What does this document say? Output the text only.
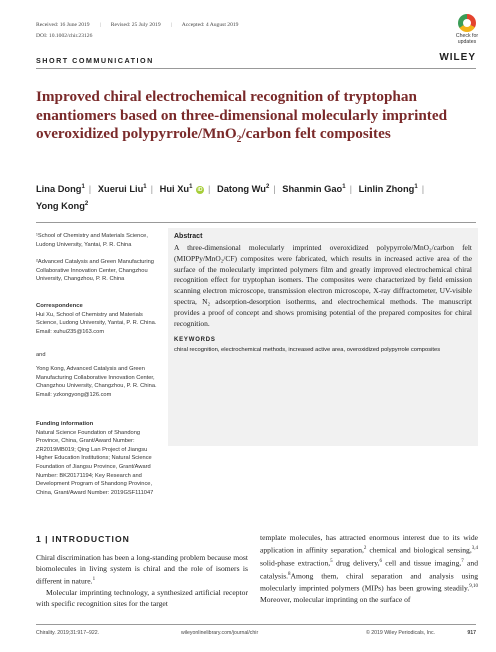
Received: 16 June 2019 | Revised: 25 July 2019 | Accepted: 4 August 2019
DOI: 10.1002/chir.23126	Check for updates
SHORT COMMUNICATION	WILEY
Improved chiral electrochemical recognition of tryptophan enantiomers based on three-dimensional molecularly imprinted overoxidized polypyrrole/MnO$_2$/carbon felt composites
Lina Dong$^1$ | Xuerui Liu$^1$ | Hui Xu$^1$ iD | Datong Wu$^2$ | Shanmin Gao$^1$ | Linlin Zhong$^1$ |
Yong Kong$^2$
¹School of Chemistry and Materials Science, Ludong University, Yantai, P. R. China
²Advanced Catalysis and Green Manufacturing Collaborative Innovation Center, Changzhou University, Changzhou, P. R. China
Correspondence
Hui Xu, School of Chemistry and Materials Science, Ludong University, Yantai, P. R. China.
Email: xuhui235@163.com
and
Yong Kong, Advanced Catalysis and Green Manufacturing Collaborative Innovation Center, Changzhou University, Changzhou, P. R. China.
Email: yzkongyong@126.com
Funding information
Natural Science Foundation of Shandong Province, China, Grant/Award Number: ZR2019MB019; Qing Lan Project of Jiangsu Higher Education Institutions; Natural Science Foundation of Jiangsu Province, Grant/Award Number: BK20171194; Key Research and Development Program of Shandong Province, China, Grant/Award Number: 2019GSF111047
Abstract
A three-dimensional molecularly imprinted overoxidized polypyrrole/MnO₂/carbon felt (MIOPPy/MnO₂/CF) composites were fabricated, which results in increased active area of the surface of the molecularly imprinted polymers film and greatly improved electrochemical chiral recognition effect for tryptophan isomers. The composites were characterized by field emission scanning electron microscope, transmission electron microscope, X-ray diffractometer, UV-visible spectra, N₂ adsorption-desorption isotherms, and electrochemical methods. The manuscript provides a proof of concept and shows promising potential of the prepared composites for chiral recognition.
KEYWORDS
chiral recognition, electrochemical methods, increased active area, overoxidized polypyrrole composites
1 | INTRODUCTION

Chiral discrimination has been a long-standing problem because most biomolecules in living system is chiral and the role of isomers is different in nature.$^1$

Molecular imprinting technology, a synthesized artificial receptor with specific recognition sites for the target

template molecules, has attracted enormous interest due to its wide application in affinity separation,$^2$ chemical and biological sensing,$^{3,4}$ solid-phase extraction,$^5$ drug delivery,$^6$ cell and tissue imaging,$^7$ and catalysis.$^8$Among them, chiral separation and analysis using molecularly imprinted polymers (MIPs) has been growing steadily.$^{9,10}$ Moreover, molecular imprinting on the surface of
Chirality. 2019;31:917–922.	wileyonlinelibrary.com/journal/chir	© 2019 Wiley Periodicals, Inc.	917
